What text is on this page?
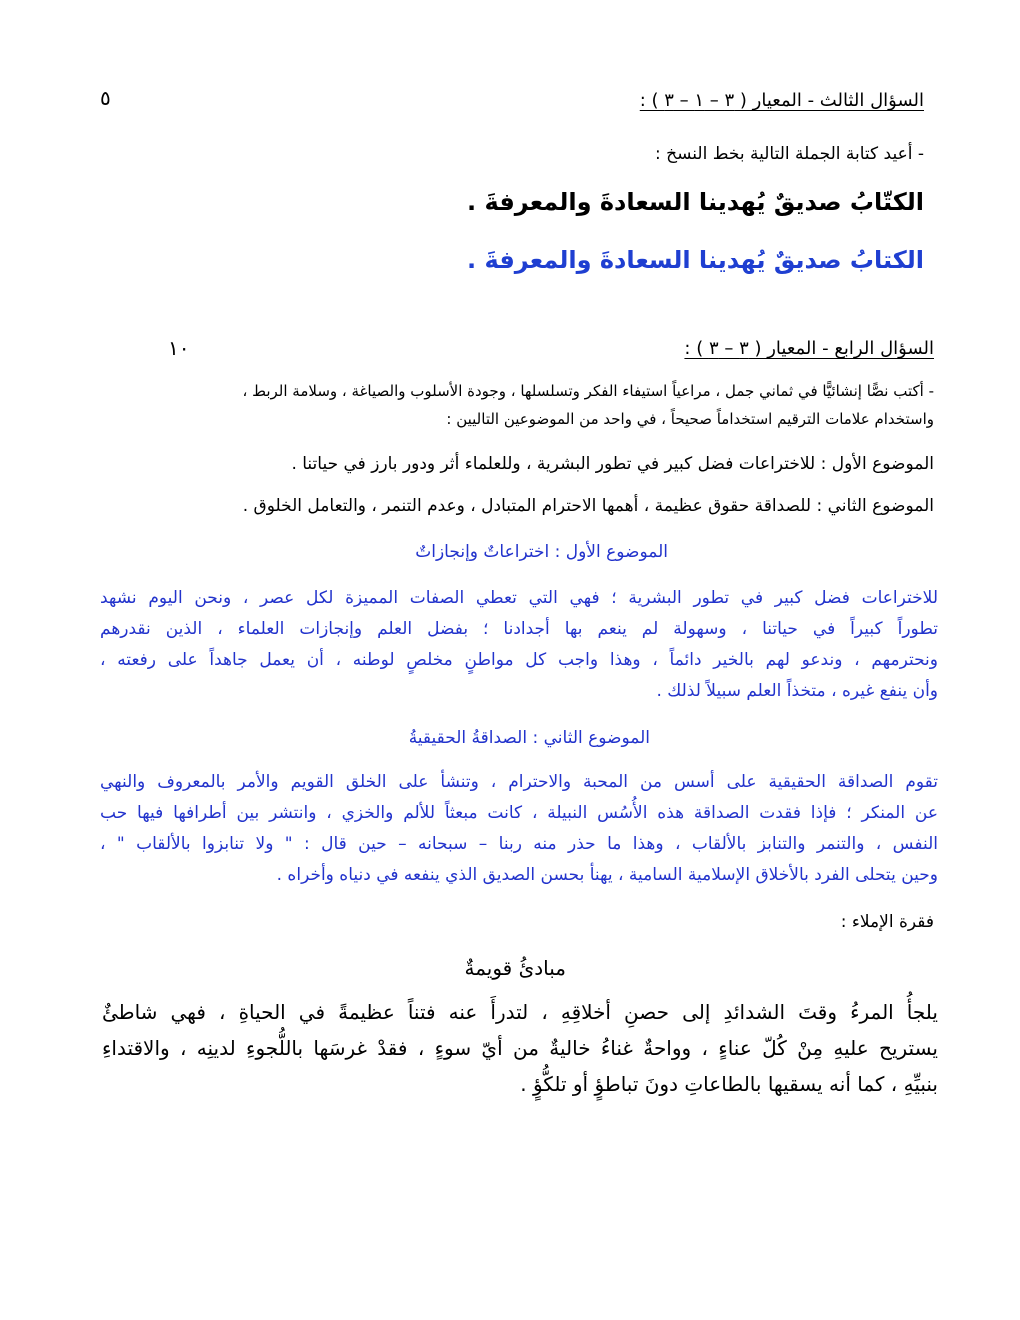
السؤال الثالث - المعيار ( ٣ – ١ – ٣ ) :
٥
- أعيد كتابة الجملة التالية بخط النسخ :
الكتّابُ صديقٌ يُهدينا السعادةَ والمعرفةَ .
الكتابُ صديقٌ يُهدينا السعادةَ والمعرفةَ .
السؤال الرابع - المعيار ( ٣ – ٣ ) :
١٠
- أكتب نصًّا إنشائيًّا في ثماني جمل ، مراعياً استيفاء الفكر وتسلسلها ، وجودة الأسلوب والصياغة ، وسلامة الربط ،
واستخدام علامات الترقيم استخداماً صحيحاً ، في واحد من الموضوعين التاليين :
الموضوع الأول : للاختراعات فضل كبير في تطور البشرية ، وللعلماء أثر ودور بارز في حياتنا .
الموضوع الثاني : للصداقة حقوق عظيمة ، أهمها الاحترام المتبادل ، وعدم التنمر ، والتعامل الخلوق .
الموضوع الأول : اختراعاتٌ وإنجازاتٌ
للاختراعات فضل كبير في تطور البشرية ؛ فهي التي تعطي الصفات المميزة لكل عصر ، ونحن اليوم نشهد
تطوراً كبيراً في حياتنا ، وسهولة لم ينعم بها أجدادنا ؛ بفضل العلم وإنجازات العلماء ، الذين نقدرهم
ونحترمهم ، وندعو لهم بالخير دائماً ، وهذا واجب كل مواطنٍ مخلصٍ لوطنه ، أن يعمل جاهداً على رفعته ،
وأن ينفع غيره ، متخذاً العلم سبيلاً لذلك .
الموضوع الثاني : الصداقةُ الحقيقيةُ
تقوم الصداقة الحقيقية على أسس من المحبة والاحترام ، وتنشأ على الخلق القويم والأمر بالمعروف والنهي
عن المنكر ؛ فإذا فقدت الصداقة هذه الأُسُس النبيلة ، كانت مبعثاً للألم والخزي ، وانتشر بين أطرافها فيها حب
النفس ، والتنمر والتنابز بالألقاب ، وهذا ما حذر منه ربنا – سبحانه – حين قال : " ولا تنابزوا بالألقاب " ،
وحين يتحلى الفرد بالأخلاق الإسلامية السامية ، يهنأ بحسن الصديق الذي ينفعه في دنياه وأخراه .
فقرة الإملاء :
مبادئُ قويمةٌ
يلجأُ المرءُ وقتَ الشدائدِ إلى حصنِ أخلاقِهِ ، لتدرأَ عنه فتناً عظيمةً في الحياةِ ، فهي شاطئٌ
يستريح عليهِ مِنْ كُلّ عناءٍ ، وواحةٌ غناءُ خاليةٌ من أيّ سوءٍ ، فقدْ غرسَها باللُّجوءِ لدينِه ، والاقتداءِ
بنبيِّهِ ، كما أنه يسقيها بالطاعاتِ دونَ تباطؤٍ أو تلكُّؤٍ .
